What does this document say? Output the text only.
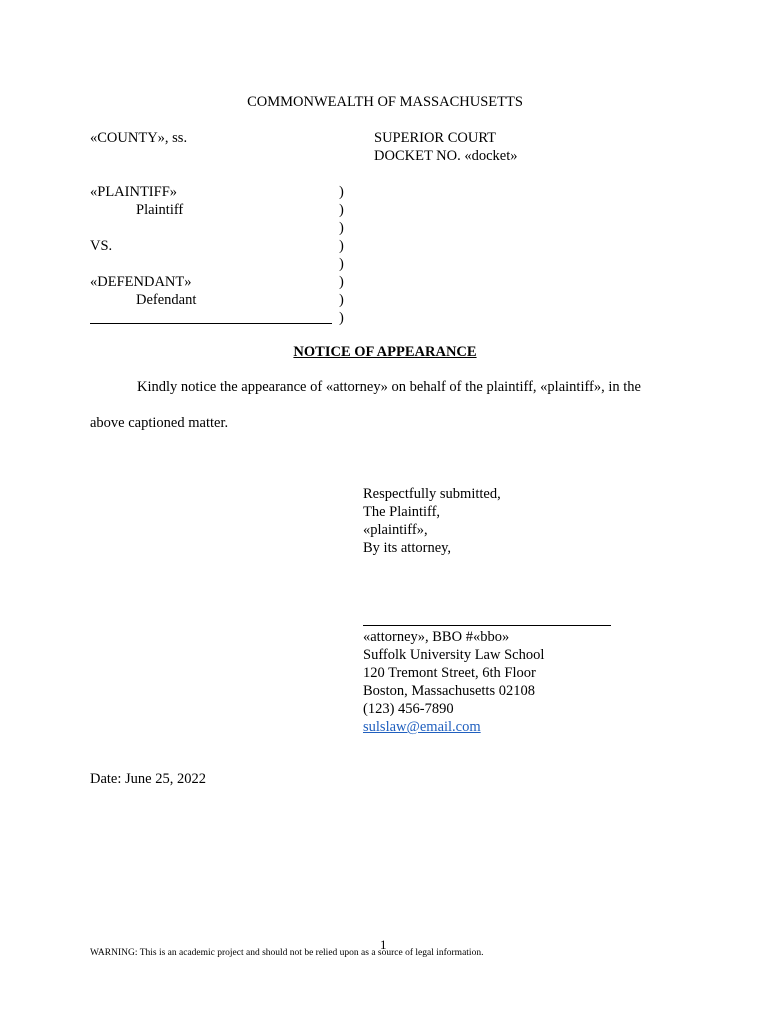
COMMONWEALTH OF MASSACHUSETTS
«COUNTY», ss.	SUPERIOR COURT
DOCKET NO. «docket»
«PLAINTIFF»
Plaintiff
VS.
«DEFENDANT»
Defendant
)
)
)
)
)
)
)
)
NOTICE OF APPEARANCE
Kindly notice the appearance of «attorney» on behalf of the plaintiff, «plaintiff», in the
above captioned matter.
Respectfully submitted,
The Plaintiff,
«plaintiff»,
By its attorney,
«attorney», BBO #«bbo»
Suffolk University Law School
120 Tremont Street, 6th Floor
Boston, Massachusetts 02108
(123) 456-7890
sulslaw@email.com
Date: June 25, 2022
1
WARNING: This is an academic project and should not be relied upon as a source of legal information.
